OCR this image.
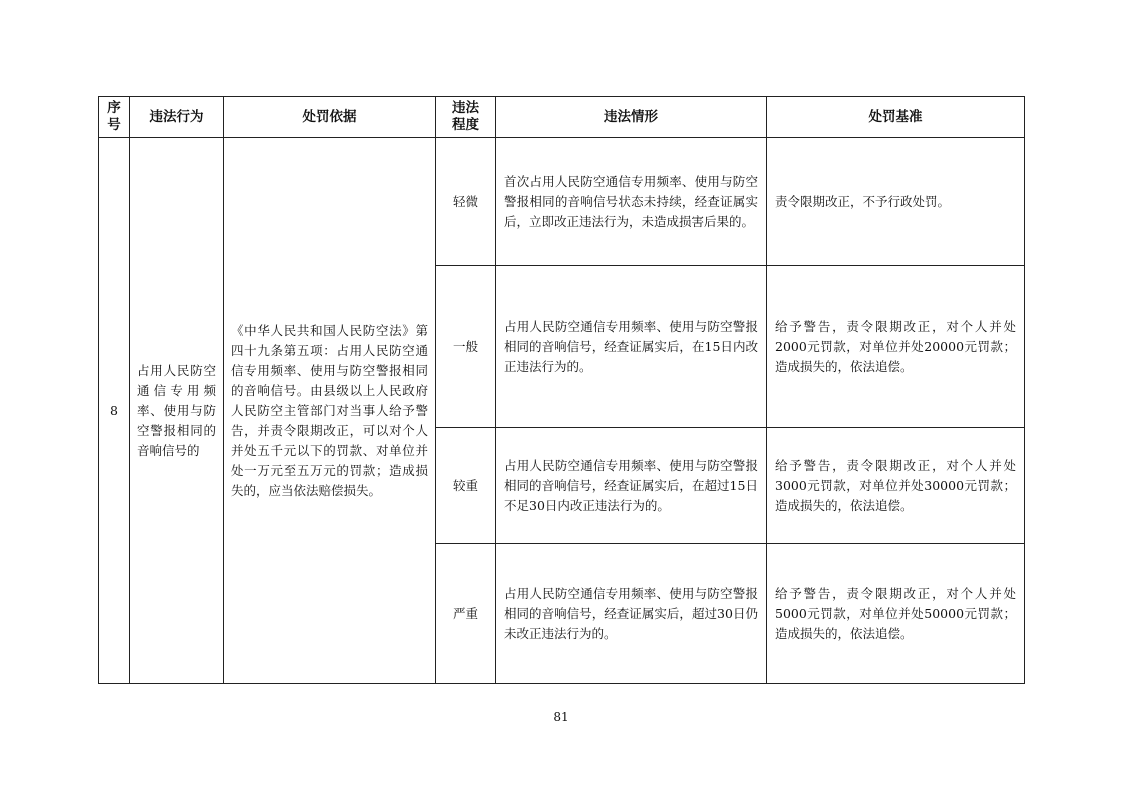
序号	违法行为	处罚依据	违法程度	违法情形	处罚基准
8	占用人民防空通信专用频率、使用与防空警报相同的音响信号的	《中华人民共和国人民防空法》第四十九条第五项：占用人民防空通信专用频率、使用与防空警报相同的音响信号。由县级以上人民政府人民防空主管部门对当事人给予警告，并责令限期改正，可以对个人并处五千元以下的罚款、对单位并处一万元至五万元的罚款；造成损失的，应当依法赔偿损失。	轻微	首次占用人民防空通信专用频率、使用与防空警报相同的音响信号状态未持续，经查证属实后，立即改正违法行为，未造成损害后果的。	责令限期改正，不予行政处罚。
			一般	占用人民防空通信专用频率、使用与防空警报相同的音响信号，经查证属实后，在15日内改正违法行为的。	给予警告，责令限期改正，对个人并处2000元罚款，对单位并处20000元罚款；造成损失的，依法追偿。
			较重	占用人民防空通信专用频率、使用与防空警报相同的音响信号，经查证属实后，在超过15日不足30日内改正违法行为的。	给予警告，责令限期改正，对个人并处3000元罚款，对单位并处30000元罚款；造成损失的，依法追偿。
			严重	占用人民防空通信专用频率、使用与防空警报相同的音响信号，经查证属实后，超过30日仍未改正违法行为的。	给予警告，责令限期改正，对个人并处5000元罚款，对单位并处50000元罚款；造成损失的，依法追偿。
81
